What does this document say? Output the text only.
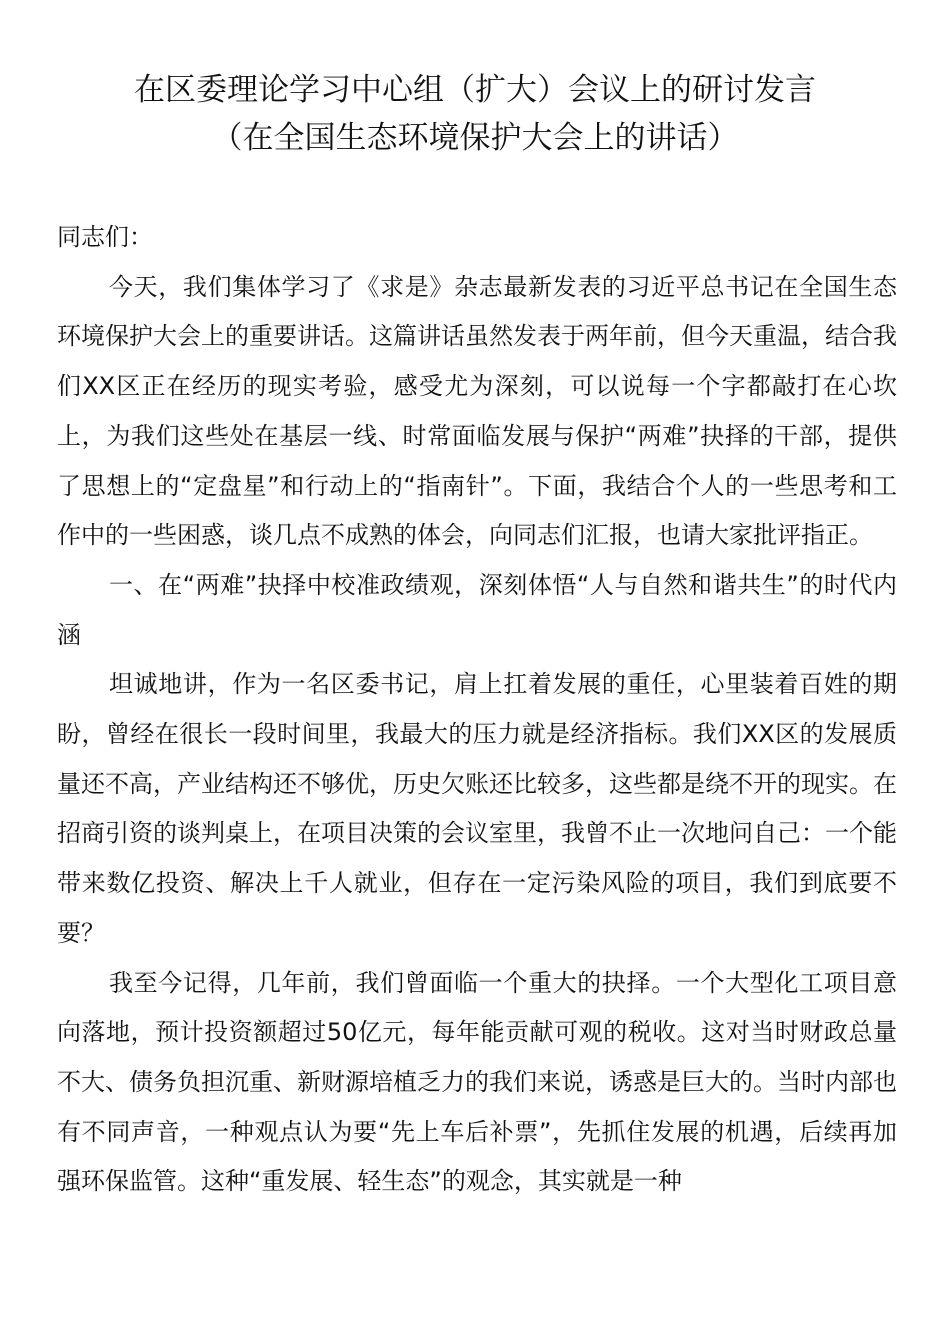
在区委理论学习中心组（扩大）会议上的研讨发言
（在全国生态环境保护大会上的讲话）

同志们：

今天，我们集体学习了《求是》杂志最新发表的习近平总书记在全国生态环境保护大会上的重要讲话。这篇讲话虽然发表于两年前，但今天重温，结合我们XX区正在经历的现实考验，感受尤为深刻，可以说每一个字都敲打在心坎上，为我们这些处在基层一线、时常面临发展与保护“两难”抉择的干部，提供了思想上的“定盘星”和行动上的“指南针”。下面，我结合个人的一些思考和工作中的一些困惑，谈几点不成熟的体会，向同志们汇报，也请大家批评指正。

一、在“两难”抉择中校准政绩观，深刻体悟“人与自然和谐共生”的时代内涵

坦诚地讲，作为一名区委书记，肩上扛着发展的重任，心里装着百姓的期盼，曾经在很长一段时间里，我最大的压力就是经济指标。我们XX区的发展质量还不高，产业结构还不够优，历史欠账还比较多，这些都是绕不开的现实。在招商引资的谈判桌上，在项目决策的会议室里，我曾不止一次地问自己：一个能带来数亿投资、解决上千人就业，但存在一定污染风险的项目，我们到底要不要？

我至今记得，几年前，我们曾面临一个重大的抉择。一个大型化工项目意向落地，预计投资额超过50亿元，每年能贡献可观的税收。这对当时财政总量不大、债务负担沉重、新财源培植乏力的我们来说，诱惑是巨大的。当时内部也有不同声音，一种观点认为要“先上车后补票”，先抓住发展的机遇，后续再加强环保监管。这种“重发展、轻生态”的观念，其实就是一种
